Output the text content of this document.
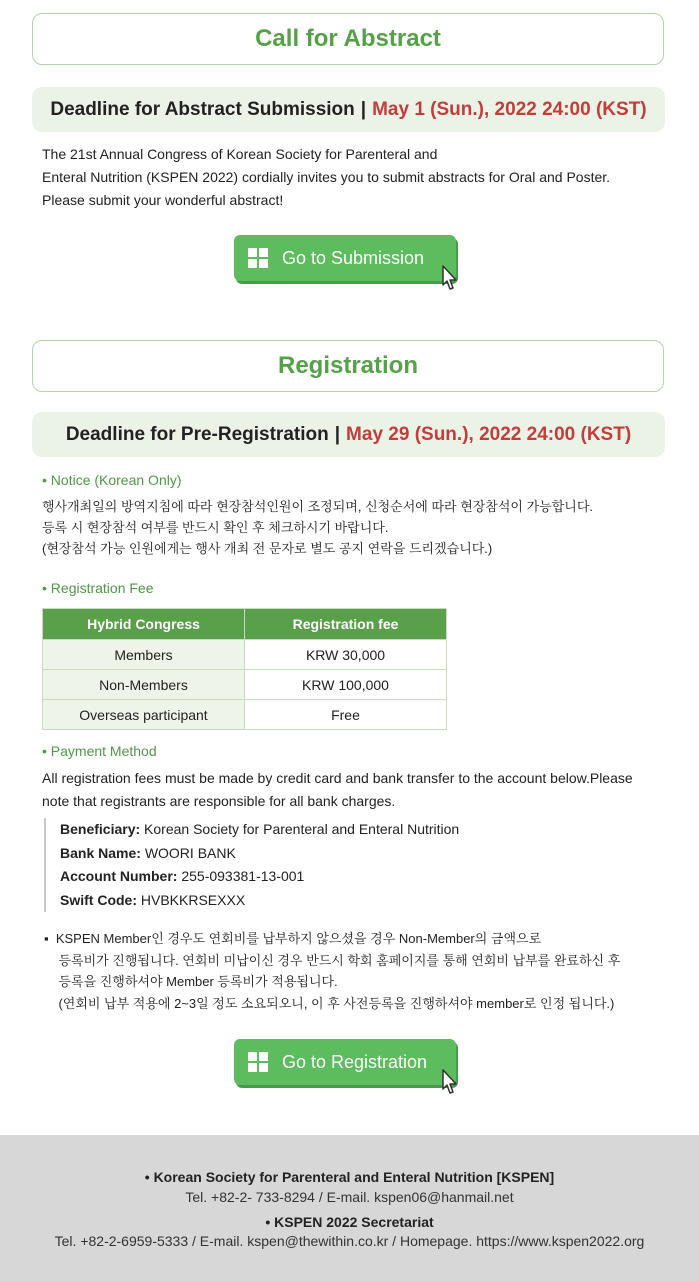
Call for Abstract
Deadline for Abstract Submission | May 1 (Sun.), 2022 24:00 (KST)
The 21st Annual Congress of Korean Society for Parenteral and
Enteral Nutrition (KSPEN 2022) cordially invites you to submit abstracts for Oral and Poster.
Please submit your wonderful abstract!
Go to Submission
Registration
Deadline for Pre-Registration | May 29 (Sun.), 2022 24:00 (KST)
• Notice (Korean Only)
행사개최일의 방역지침에 따라 현장참석인원이 조정되며, 신청순서에 따라 현장참석이 가능합니다.
등록 시 현장참석 여부를 반드시 확인 후 체크하시기 바랍니다.
(현장참석 가능 인원에게는 행사 개최 전 문자로 별도 공지 연락을 드리겠습니다.)
• Registration Fee
Hybrid Congress	Registration fee
Members	KRW 30,000
Non-Members	KRW 100,000
Overseas participant	Free
• Payment Method
All registration fees must be made by credit card and bank transfer to the account below.Please
note that registrants are responsible for all bank charges.
Beneficiary: Korean Society for Parenteral and Enteral Nutrition
Bank Name: WOORI BANK
Account Number: 255-093381-13-001
Swift Code: HVBKKRSEXXX
▪  KSPEN Member인 경우도 연회비를 납부하지 않으셨을 경우 Non-Member의 금액으로
등록비가 진행됩니다. 연회비 미납이신 경우 반드시 학회 홈페이지를 통해 연회비 납부를 완료하신 후
등록을 진행하셔야 Member 등록비가 적용됩니다.
(연회비 납부 적용에 2~3일 정도 소요되오니, 이 후 사전등록을 진행하셔야 member로 인정 됩니다.)
Go to Registration
• Korean Society for Parenteral and Enteral Nutrition [KSPEN]
Tel. +82-2- 733-8294 / E-mail. kspen06@hanmail.net
• KSPEN 2022 Secretariat
Tel. +82-2-6959-5333 / E-mail. kspen@thewithin.co.kr / Homepage. https://www.kspen2022.org
